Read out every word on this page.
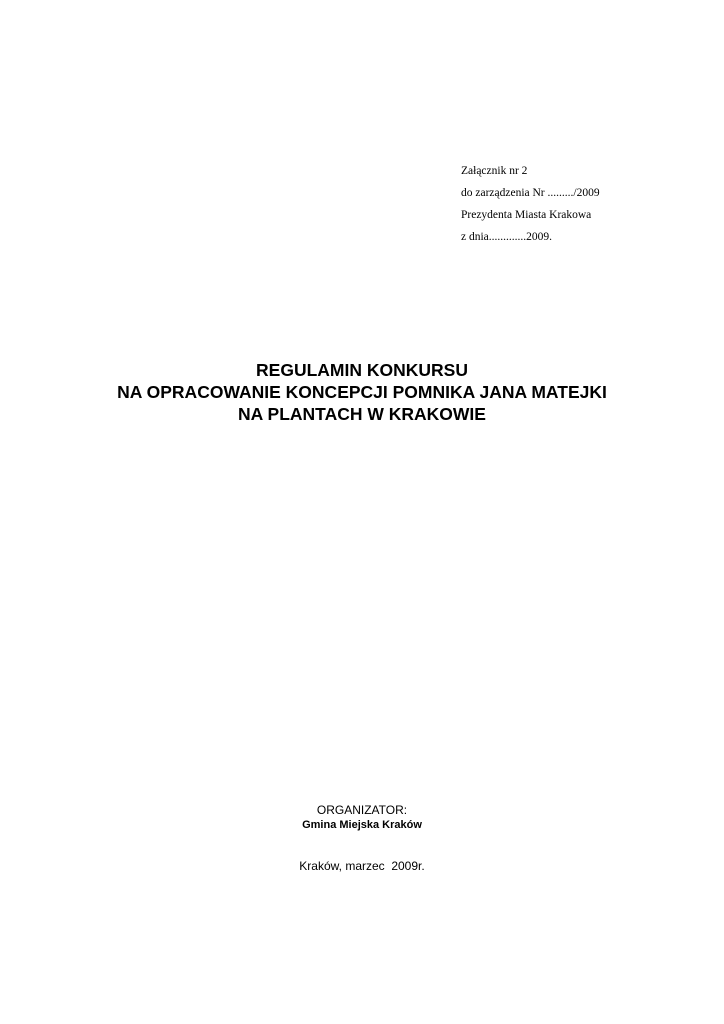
Załącznik nr 2
do zarządzenia Nr ........./2009
Prezydenta Miasta Krakowa
z dnia.............2009.
REGULAMIN KONKURSU
NA OPRACOWANIE KONCEPCJI POMNIKA JANA MATEJKI
NA PLANTACH W KRAKOWIE
ORGANIZATOR:
Gmina Miejska Kraków
Kraków, marzec  2009r.
